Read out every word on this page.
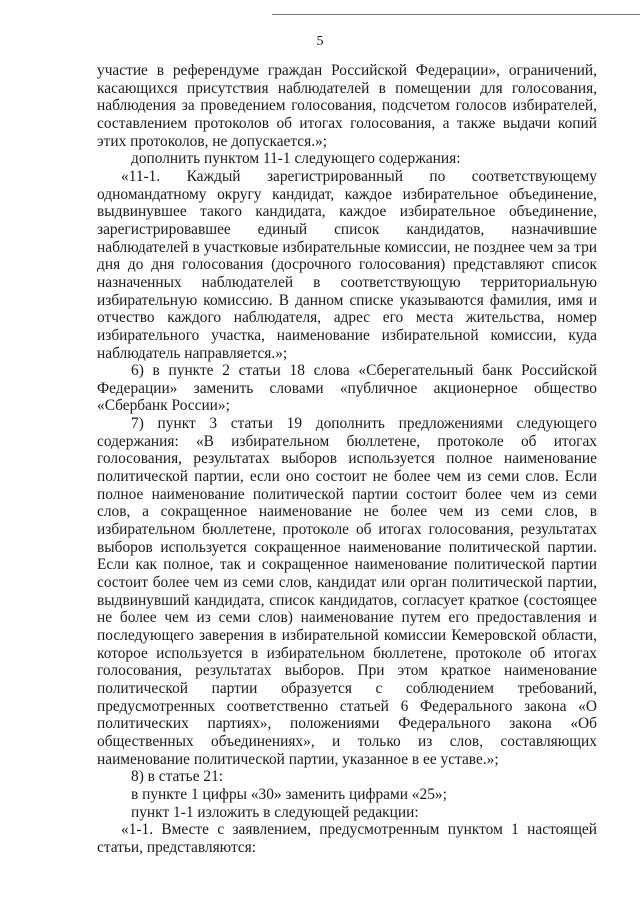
5

участие в референдуме граждан Российской Федерации», ограничений, касающихся присутствия наблюдателей в помещении для голосования, наблюдения за проведением голосования, подсчетом голосов избирателей, составлением протоколов об итогах голосования, а также выдачи копий этих протоколов, не допускается.»;

дополнить пунктом 11-1 следующего содержания:

«11-1. Каждый зарегистрированный по соответствующему одномандатному округу кандидат, каждое избирательное объединение, выдвинувшее такого кандидата, каждое избирательное объединение, зарегистрировавшее единый список кандидатов, назначившие наблюдателей в участковые избирательные комиссии, не позднее чем за три дня до дня голосования (досрочного голосования) представляют список назначенных наблюдателей в соответствующую территориальную избирательную комиссию. В данном списке указываются фамилия, имя и отчество каждого наблюдателя, адрес его места жительства, номер избирательного участка, наименование избирательной комиссии, куда наблюдатель направляется.»;

6) в пункте 2 статьи 18 слова «Сберегательный банк Российской Федерации» заменить словами «публичное акционерное общество «Сбербанк России»;

7) пункт 3 статьи 19 дополнить предложениями следующего содержания: «В избирательном бюллетене, протоколе об итогах голосования, результатах выборов используется полное наименование политической партии, если оно состоит не более чем из семи слов. Если полное наименование политической партии состоит более чем из семи слов, а сокращенное наименование не более чем из семи слов, в избирательном бюллетене, протоколе об итогах голосования, результатах выборов используется сокращенное наименование политической партии. Если как полное, так и сокращенное наименование политической партии состоит более чем из семи слов, кандидат или орган политической партии, выдвинувший кандидата, список кандидатов, согласует краткое (состоящее не более чем из семи слов) наименование путем его предоставления и последующего заверения в избирательной комиссии Кемеровской области, которое используется в избирательном бюллетене, протоколе об итогах голосования, результатах выборов. При этом краткое наименование политической партии образуется с соблюдением требований, предусмотренных соответственно статьей 6 Федерального закона «О политических партиях», положениями Федерального закона «Об общественных объединениях», и только из слов, составляющих наименование политической партии, указанное в ее уставе.»;

8) в статье 21:

в пункте 1 цифры «30» заменить цифрами «25»;

пункт 1-1 изложить в следующей редакции:

«1-1. Вместе с заявлением, предусмотренным пунктом 1 настоящей статьи, представляются:
